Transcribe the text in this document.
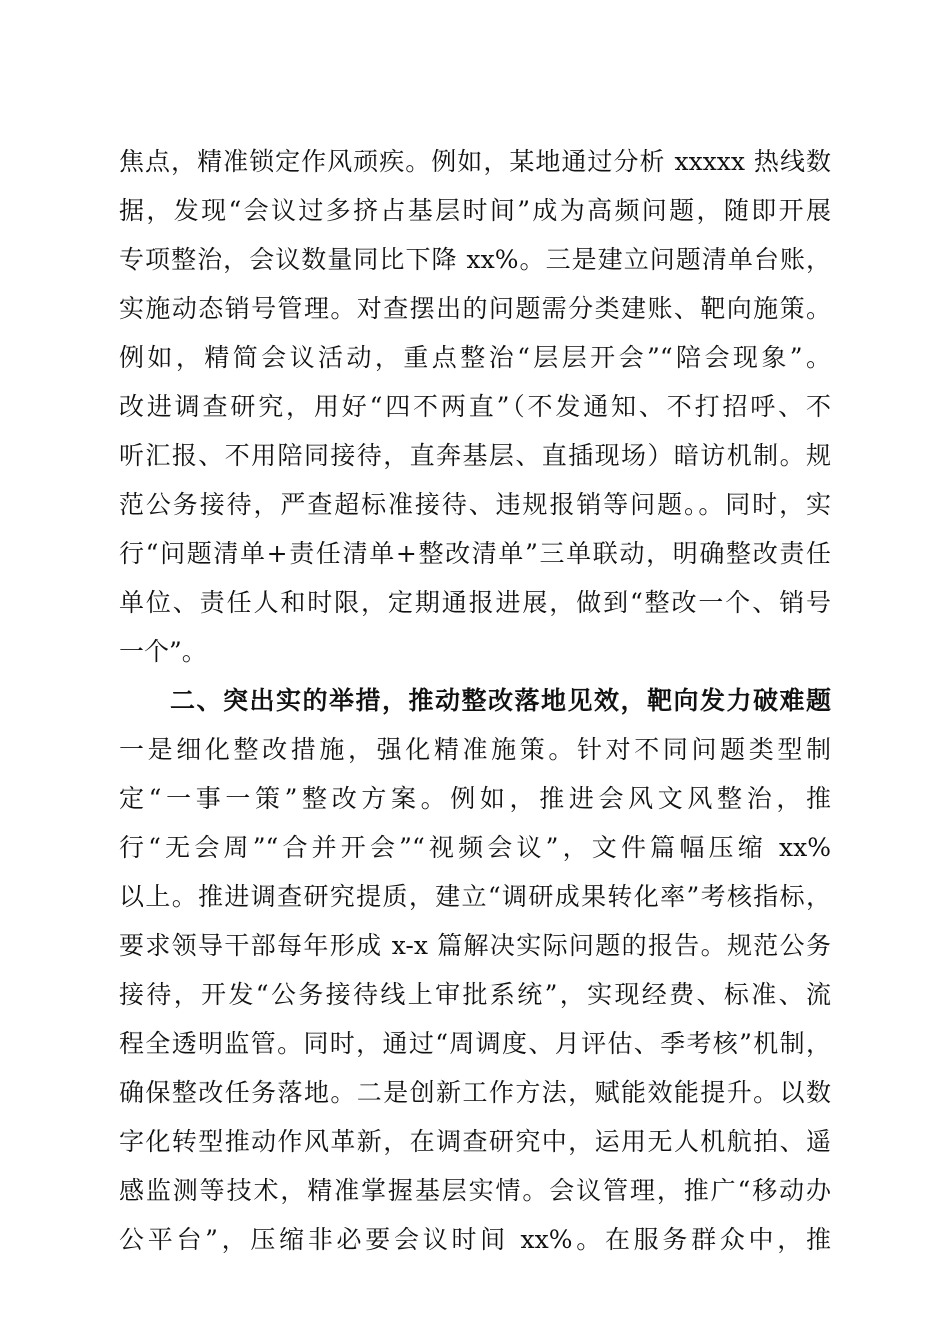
焦点，精准锁定作风顽疾。例如，某地通过分析 xxxxx 热线数
据，发现“会议过多挤占基层时间”成为高频问题，随即开展
专项整治，会议数量同比下降 xx%。三是建立问题清单台账，
实施动态销号管理。对查摆出的问题需分类建账、靶向施策。
例如，精简会议活动，重点整治“层层开会”“陪会现象”。
改进调查研究，用好“四不两直”（不发通知、不打招呼、不
听汇报、不用陪同接待，直奔基层、直插现场）暗访机制。规
范公务接待，严查超标准接待、违规报销等问题。。同时，实
行“问题清单+责任清单+整改清单”三单联动，明确整改责任
单位、责任人和时限，定期通报进展，做到“整改一个、销号
一个”。
二、突出实的举措，推动整改落地见效，靶向发力破难题
一是细化整改措施，强化精准施策。针对不同问题类型制
定“一事一策”整改方案。例如，推进会风文风整治，推
行“无会周”“合并开会”“视频会议”，文件篇幅压缩 xx%
以上。推进调查研究提质，建立“调研成果转化率”考核指标，
要求领导干部每年形成 x-x 篇解决实际问题的报告。规范公务
接待，开发“公务接待线上审批系统”，实现经费、标准、流
程全透明监管。同时，通过“周调度、月评估、季考核”机制，
确保整改任务落地。二是创新工作方法，赋能效能提升。以数
字化转型推动作风革新，在调查研究中，运用无人机航拍、遥
感监测等技术，精准掌握基层实情。会议管理，推广“移动办
公平台”，压缩非必要会议时间 xx%。在服务群众中，推
